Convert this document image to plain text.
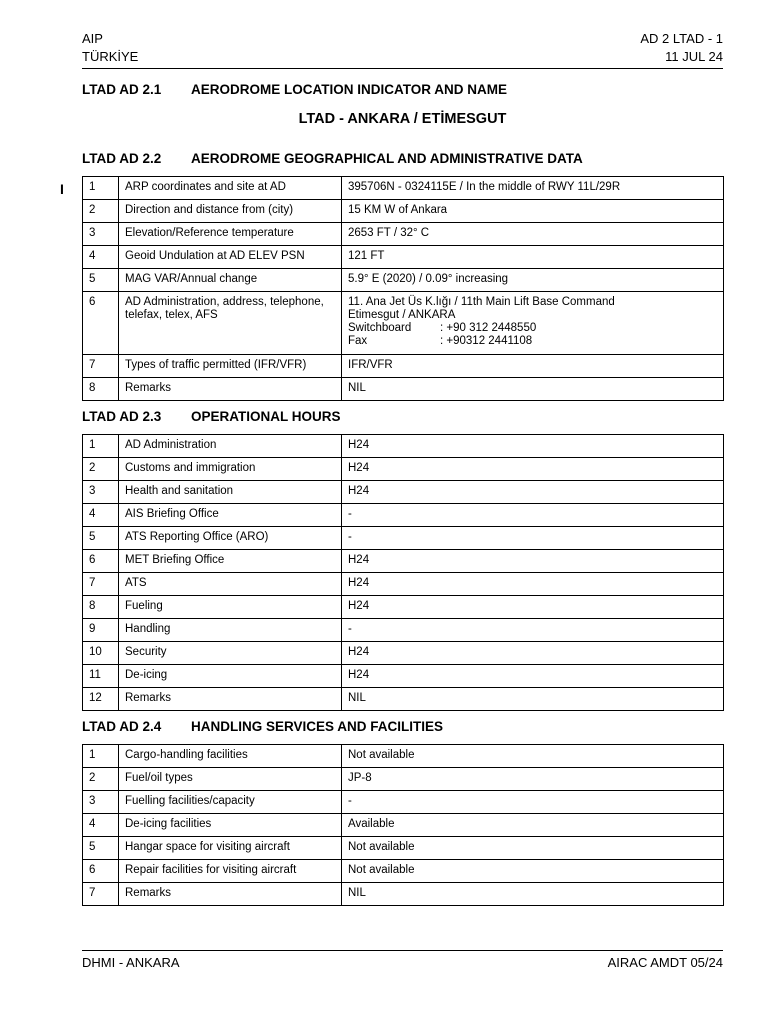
AIP
TÜRKİYE
AD 2 LTAD - 1
11 JUL 24
LTAD AD 2.1 AERODROME LOCATION INDICATOR AND NAME
LTAD - ANKARA / ETİMESGUT
LTAD AD 2.2 AERODROME GEOGRAPHICAL AND ADMINISTRATIVE DATA
I 1	ARP coordinates and site at AD	395706N - 0324115E / In the middle of RWY 11L/29R
2	Direction and distance from (city)	15 KM W of Ankara
3	Elevation/Reference temperature	2653 FT / 32° C
4	Geoid Undulation at AD ELEV PSN	121 FT
5	MAG VAR/Annual change	5.9° E (2020) / 0.09° increasing
6	AD Administration, address, telephone, telefax, telex, AFS	11. Ana Jet Üs K.lığı / 11th Main Lift Base Command
Etimesgut / ANKARA
Switchboard : +90 312 2448550
Fax : +90312 2441108

7	Types of traffic permitted (IFR/VFR)	IFR/VFR
8	Remarks	NIL
LTAD AD 2.3 OPERATIONAL HOURS
1	AD Administration	H24
2	Customs and immigration	H24
3	Health and sanitation	H24
4	AIS Briefing Office	-
5	ATS Reporting Office (ARO)	-
6	MET Briefing Office	H24
7	ATS	H24
8	Fueling	H24
9	Handling	-
10	Security	H24
11	De-icing	H24
12	Remarks	NIL
LTAD AD 2.4 HANDLING SERVICES AND FACILITIES
1	Cargo-handling facilities	Not available
2	Fuel/oil types	JP-8
3	Fuelling facilities/capacity	-
4	De-icing facilities	Available
5	Hangar space for visiting aircraft	Not available
6	Repair facilities for visiting aircraft	Not available
7	Remarks	NIL
DHMI - ANKARA	AIRAC AMDT 05/24
